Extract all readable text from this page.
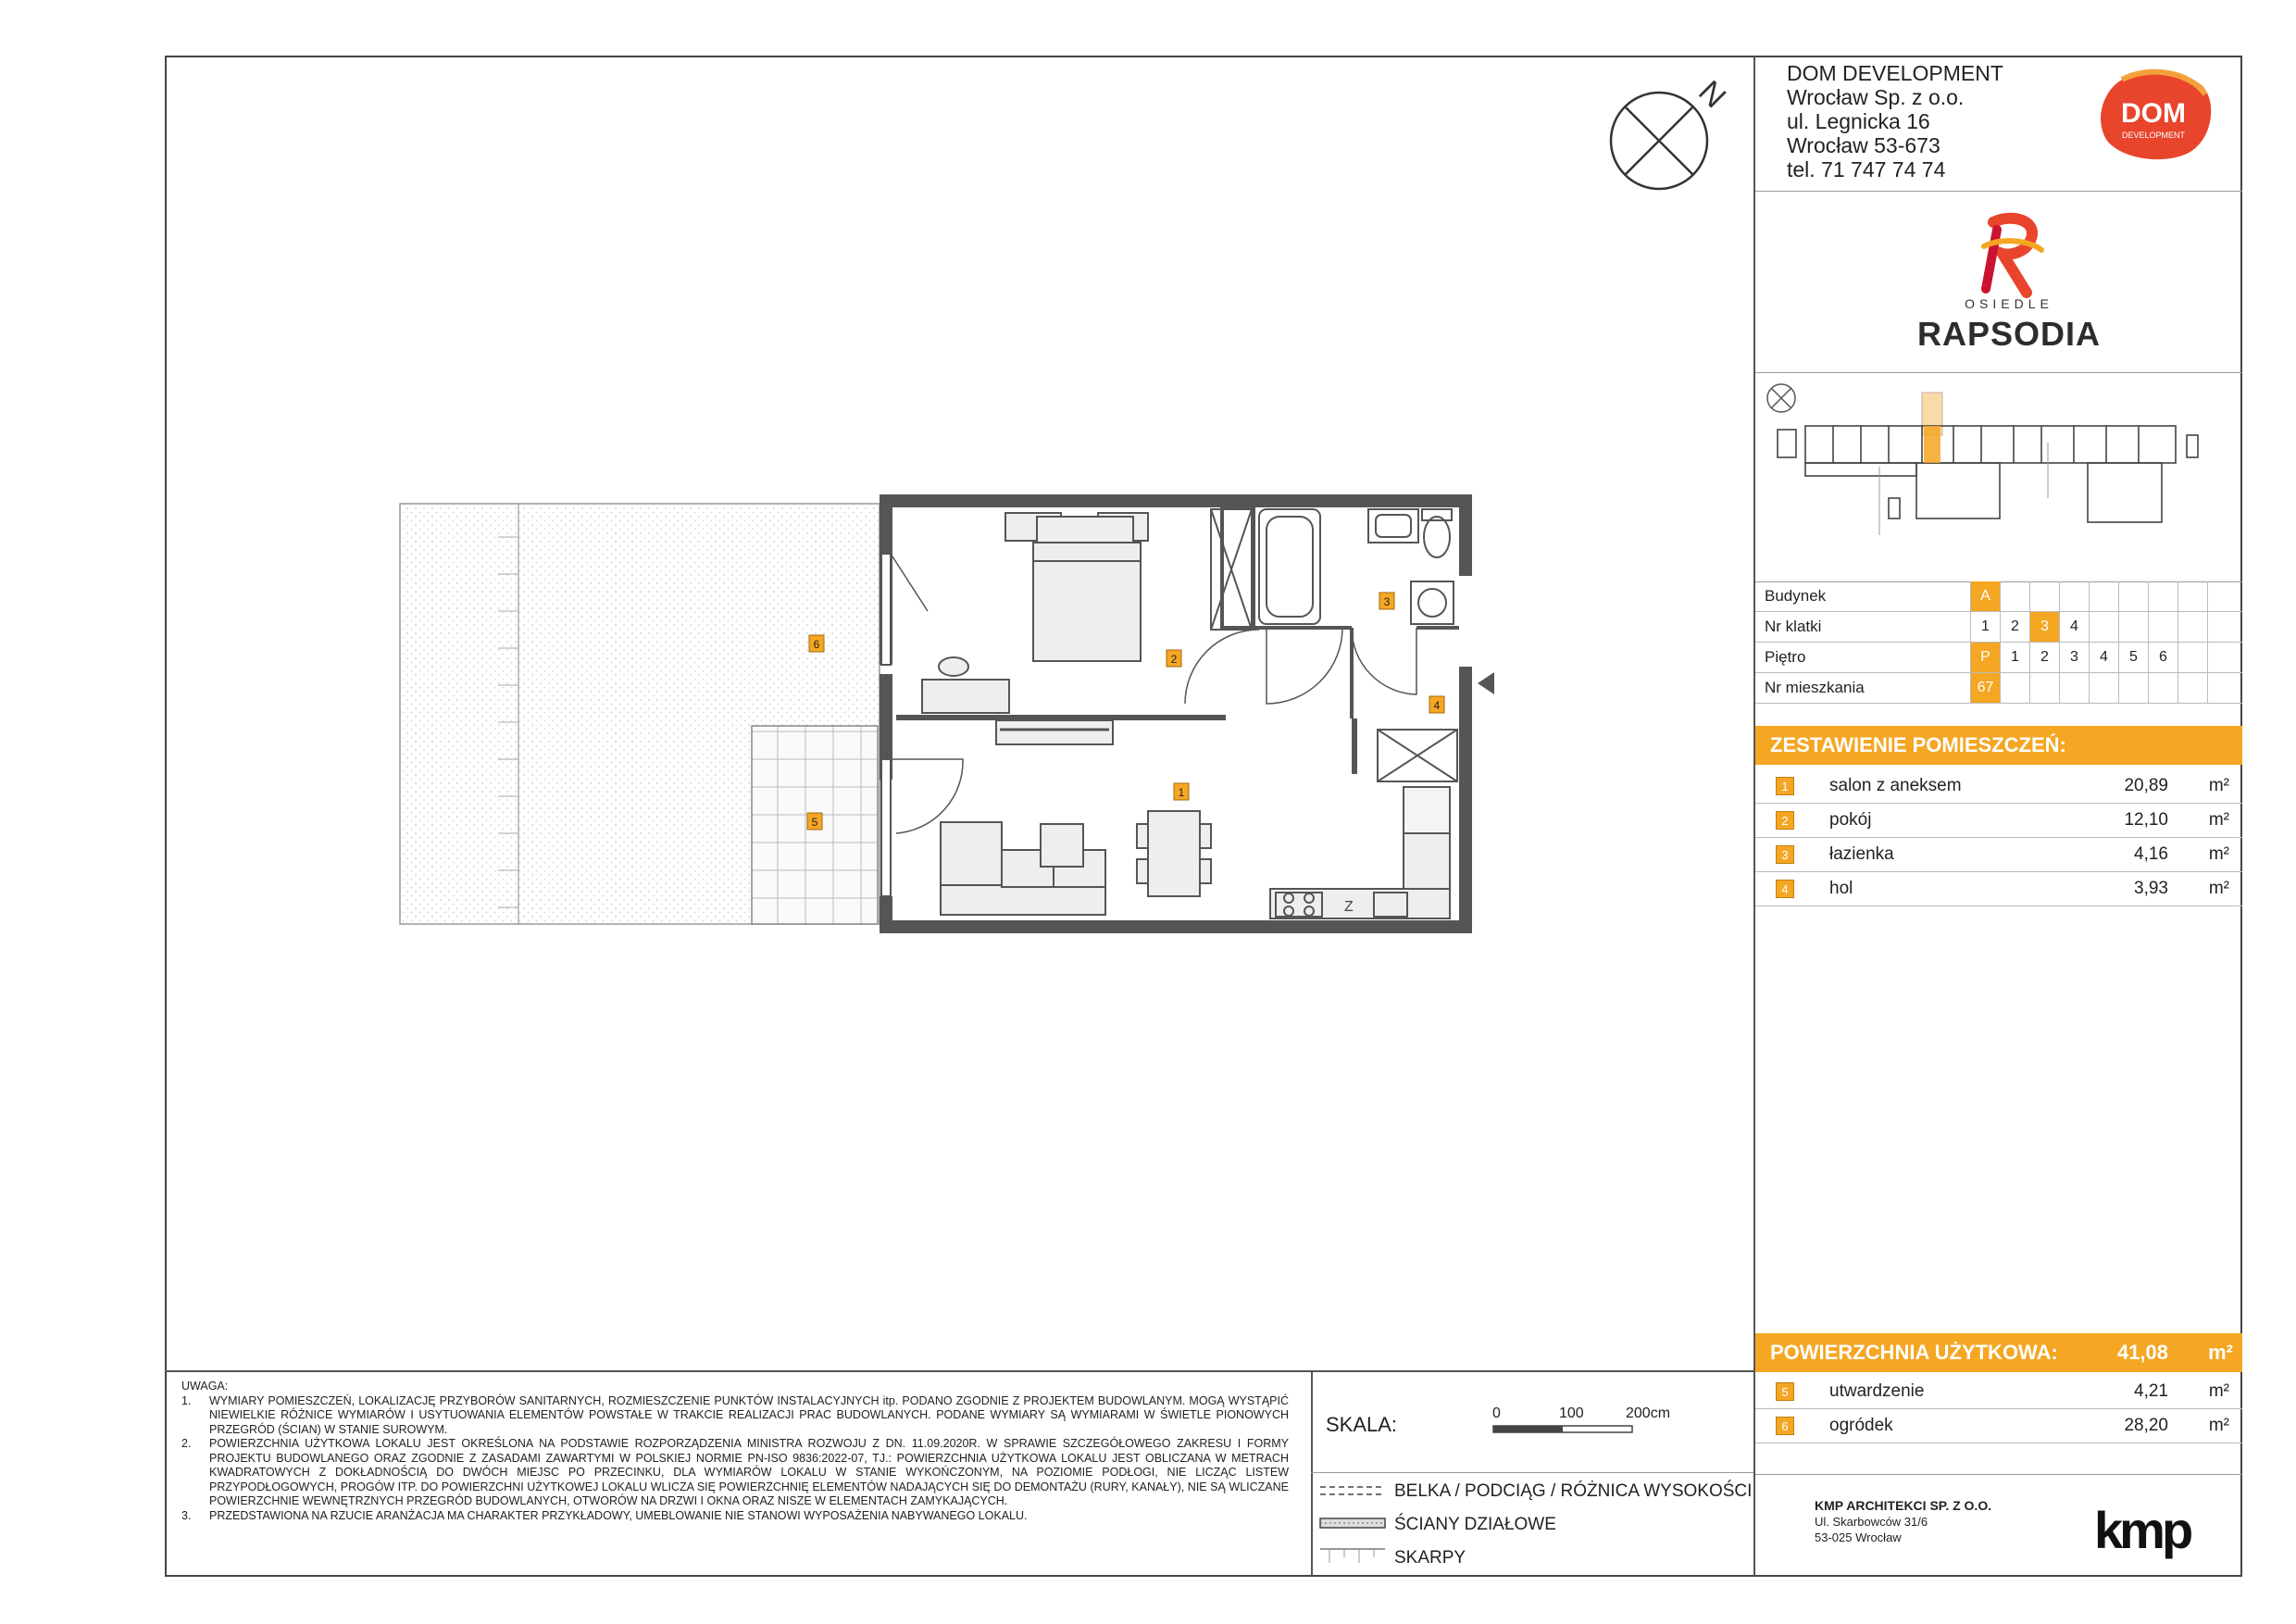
DOM DEVELOPMENT
Wrocław Sp. z o.o.
ul. Legnicka 16
Wrocław 53-673
tel. 71 747 74 74
DOM
DEVELOPMENT
N
OSIEDLE
RAPSODIA
Budynek	A
Nr klatki	1	2	3	4
Piętro	P	1	2	3	4	5	6
Nr mieszkania	67
ZESTAWIENIE POMIESZCZEŃ:
1	salon z aneksem	20,89 m²
2	pokój	12,10 m²
3	łazienka	4,16 m²
4	hol	3,93 m²
POWIERZCHNIA UŻYTKOWA:	41,08 m²
5	utwardzenie	4,21 m²
6	ogródek	28,20 m²
Z
1
2
3
4
5
6
UWAGA:
1.	WYMIARY POMIESZCZEŃ, LOKALIZACJĘ PRZYBORÓW SANITARNYCH, ROZMIESZCZENIE PUNKTÓW INSTALACYJNYCH itp. PODANO ZGODNIE Z PROJEKTEM BUDOWLANYM. MOGĄ WYSTĄPIĆ NIEWIELKIE RÓŻNICE WYMIARÓW I USYTUOWANIA ELEMENTÓW POWSTAŁE W TRAKCIE REALIZACJI PRAC BUDOWLANYCH. PODANE WYMIARY SĄ WYMIARAMI W ŚWIETLE PIONOWYCH PRZEGRÓD (ŚCIAN) W STANIE SUROWYM.
2.	POWIERZCHNIA UŻYTKOWA LOKALU JEST OKREŚLONA NA PODSTAWIE ROZPORZĄDZENIA MINISTRA ROZWOJU Z DN. 11.09.2020R. W SPRAWIE SZCZEGÓŁOWEGO ZAKRESU I FORMY PROJEKTU BUDOWLANEGO ORAZ ZGODNIE Z ZASADAMI ZAWARTYMI W POLSKIEJ NORMIE PN-ISO 9836:2022-07, TJ.: POWIERZCHNIA UŻYTKOWA LOKALU JEST OBLICZANA W METRACH KWADRATOWYCH Z DOKŁADNOŚCIĄ DO DWÓCH MIEJSC PO PRZECINKU, DLA WYMIARÓW LOKALU W STANIE WYKOŃCZONYM, NA POZIOMIE PODŁOGI, NIE LICZĄC LISTEW PRZYPODŁOGOWYCH, PROGÓW ITP. DO POWIERZCHNI UŻYTKOWEJ LOKALU WLICZA SIĘ POWIERZCHNIĘ ELEMENTÓW NADAJĄCYCH SIĘ DO DEMONTAŻU (RURY, KANAŁY), NIE SĄ WLICZANE POWIERZCHNIE WEWNĘTRZNYCH PRZEGRÓD BUDOWLANYCH, OTWORÓW NA DRZWI I OKNA ORAZ NISZE W ELEMENTACH ZAMYKAJĄCYCH.
3.	PRZEDSTAWIONA NA RZUCIE ARANŻACJA MA CHARAKTER PRZYKŁADOWY, UMEBLOWANIE NIE STANOWI WYPOSAŻENIA NABYWANEGO LOKALU.
SKALA:	0	100	200cm
BELKA / PODCIĄG / RÓŻNICA WYSOKOŚCI
ŚCIANY DZIAŁOWE
SKARPY
KMP ARCHITEKCI SP. Z O.O.
Ul. Skarbowców 31/6
53-025 Wrocław	kmp
